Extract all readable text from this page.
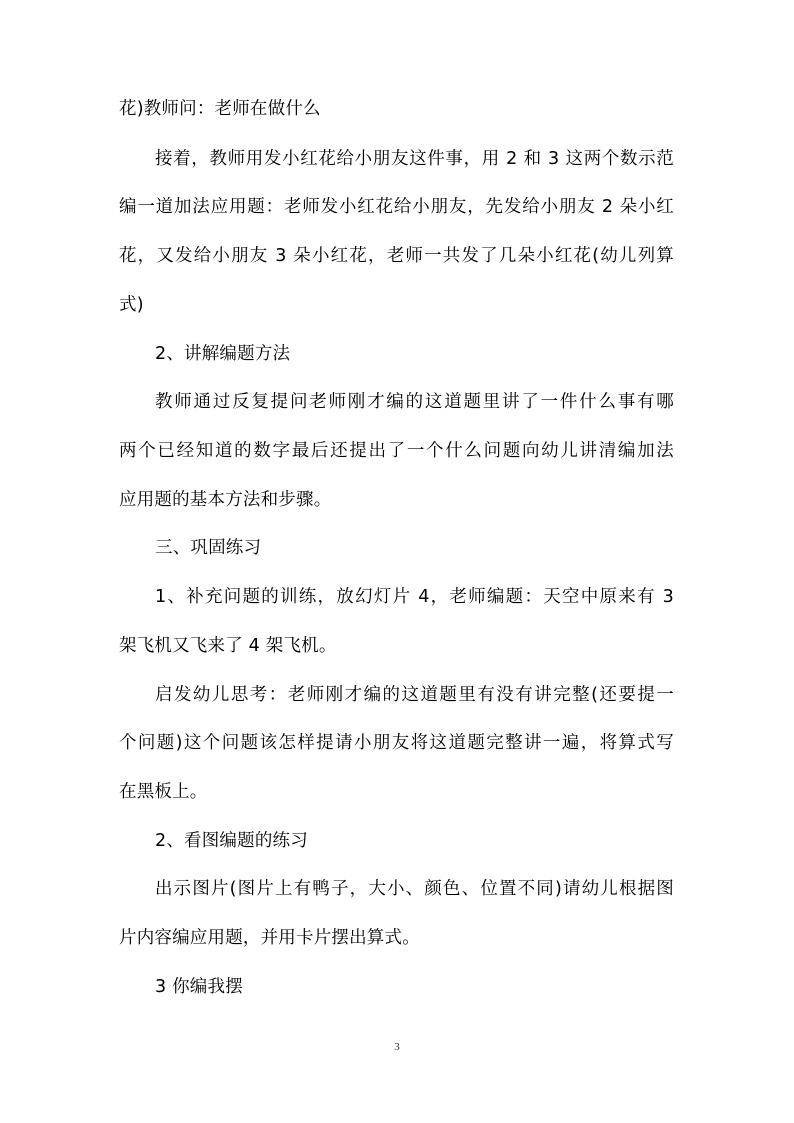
花)教师问：老师在做什么
接着，教师用发小红花给小朋友这件事，用 2 和 3 这两个数示范
编一道加法应用题：老师发小红花给小朋友，先发给小朋友 2 朵小红
花，又发给小朋友 3 朵小红花，老师一共发了几朵小红花(幼儿列算
式)
2、讲解编题方法
教师通过反复提问老师刚才编的这道题里讲了一件什么事有哪
两个已经知道的数字最后还提出了一个什么问题向幼儿讲清编加法
应用题的基本方法和步骤。
三、巩固练习
1、补充问题的训练，放幻灯片 4，老师编题：天空中原来有 3
架飞机又飞来了 4 架飞机。
启发幼儿思考：老师刚才编的这道题里有没有讲完整(还要提一
个问题)这个问题该怎样提请小朋友将这道题完整讲一遍，将算式写
在黑板上。
2、看图编题的练习
出示图片(图片上有鸭子，大小、颜色、位置不同)请幼儿根据图
片内容编应用题，并用卡片摆出算式。
3 你编我摆
3
